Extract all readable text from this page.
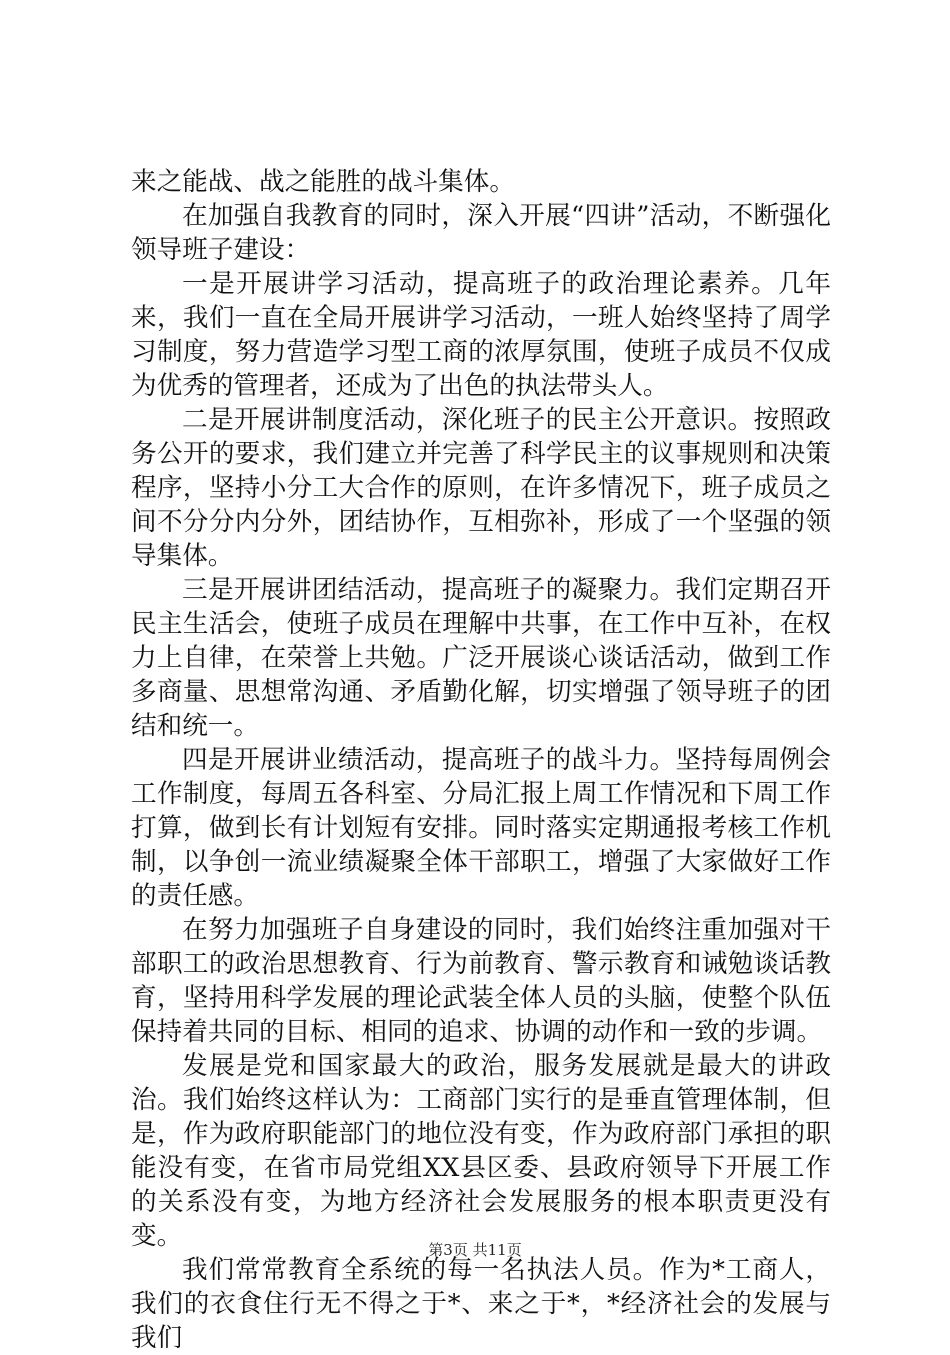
来之能战、战之能胜的战斗集体。

在加强自我教育的同时，深入开展“四讲”活动，不断强化领导班子建设：

一是开展讲学习活动，提高班子的政治理论素养。几年来，我们一直在全局开展讲学习活动，一班人始终坚持了周学习制度，努力营造学习型工商的浓厚氛围，使班子成员不仅成为优秀的管理者，还成为了出色的执法带头人。

二是开展讲制度活动，深化班子的民主公开意识。按照政务公开的要求，我们建立并完善了科学民主的议事规则和决策程序，坚持小分工大合作的原则，在许多情况下，班子成员之间不分分内分外，团结协作，互相弥补，形成了一个坚强的领导集体。

三是开展讲团结活动，提高班子的凝聚力。我们定期召开民主生活会，使班子成员在理解中共事，在工作中互补，在权力上自律，在荣誉上共勉。广泛开展谈心谈话活动，做到工作多商量、思想常沟通、矛盾勤化解，切实增强了领导班子的团结和统一。

四是开展讲业绩活动，提高班子的战斗力。坚持每周例会工作制度，每周五各科室、分局汇报上周工作情况和下周工作打算，做到长有计划短有安排。同时落实定期通报考核工作机制，以争创一流业绩凝聚全体干部职工，增强了大家做好工作的责任感。

在努力加强班子自身建设的同时，我们始终注重加强对干部职工的政治思想教育、行为前教育、警示教育和诫勉谈话教育，坚持用科学发展的理论武装全体人员的头脑，使整个队伍保持着共同的目标、相同的追求、协调的动作和一致的步调。

发展是党和国家最大的政治，服务发展就是最大的讲政治。我们始终这样认为：工商部门实行的是垂直管理体制，但是，作为政府职能部门的地位没有变，作为政府部门承担的职能没有变，在省市局党组XX县区委、县政府领导下开展工作的关系没有变，为地方经济社会发展服务的根本职责更没有变。

我们常常教育全系统的每一名执法人员。作为*工商人，我们的衣食住行无不得之于*、来之于*，*经济社会的发展与我们

第3页 共11页
